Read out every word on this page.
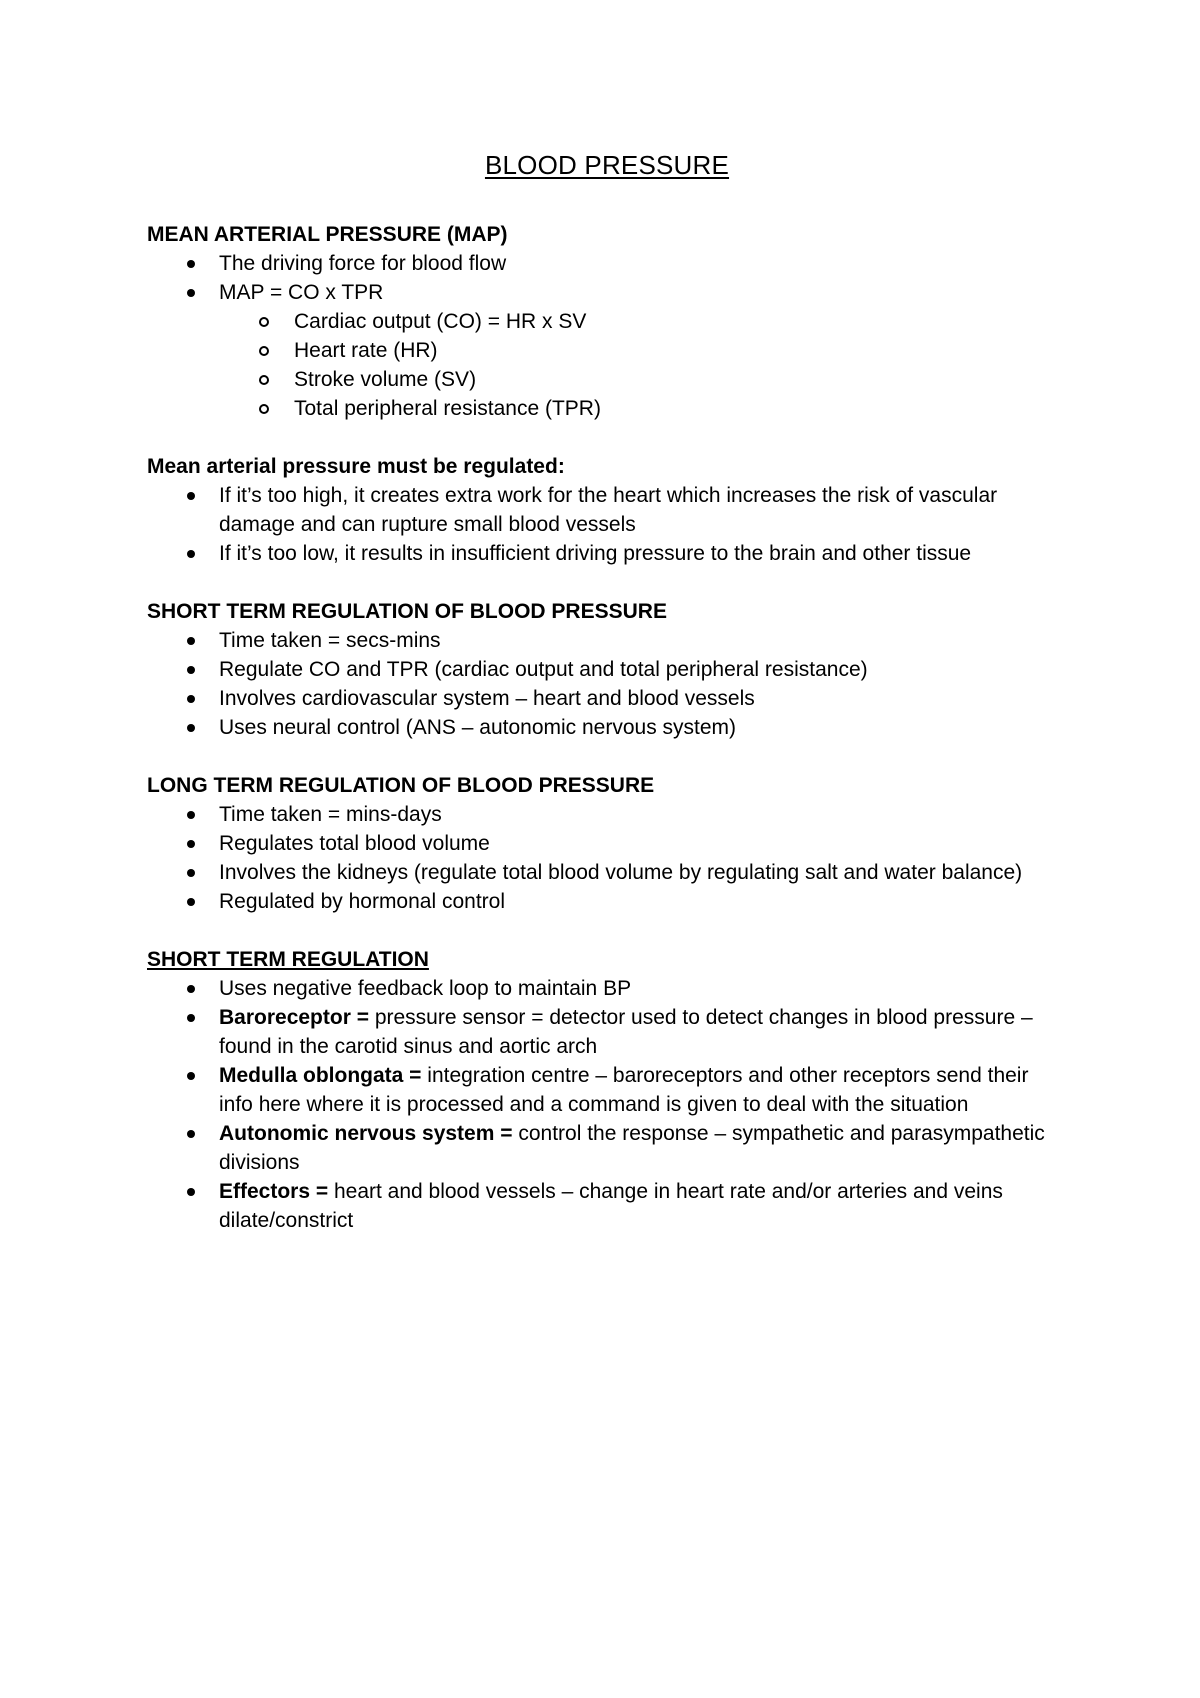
BLOOD PRESSURE
MEAN ARTERIAL PRESSURE (MAP)
The driving force for blood flow
MAP = CO x TPR
Cardiac output (CO) = HR x SV
Heart rate (HR)
Stroke volume (SV)
Total peripheral resistance (TPR)
Mean arterial pressure must be regulated:
If it’s too high, it creates extra work for the heart which increases the risk of vascular damage and can rupture small blood vessels
If it’s too low, it results in insufficient driving pressure to the brain and other tissue
SHORT TERM REGULATION OF BLOOD PRESSURE
Time taken = secs-mins
Regulate CO and TPR (cardiac output and total peripheral resistance)
Involves cardiovascular system – heart and blood vessels
Uses neural control (ANS – autonomic nervous system)
LONG TERM REGULATION OF BLOOD PRESSURE
Time taken = mins-days
Regulates total blood volume
Involves the kidneys (regulate total blood volume by regulating salt and water balance)
Regulated by hormonal control
SHORT TERM REGULATION
Uses negative feedback loop to maintain BP
Baroreceptor = pressure sensor = detector used to detect changes in blood pressure – found in the carotid sinus and aortic arch
Medulla oblongata = integration centre – baroreceptors and other receptors send their info here where it is processed and a command is given to deal with the situation
Autonomic nervous system = control the response – sympathetic and parasympathetic divisions
Effectors = heart and blood vessels – change in heart rate and/or arteries and veins dilate/constrict
